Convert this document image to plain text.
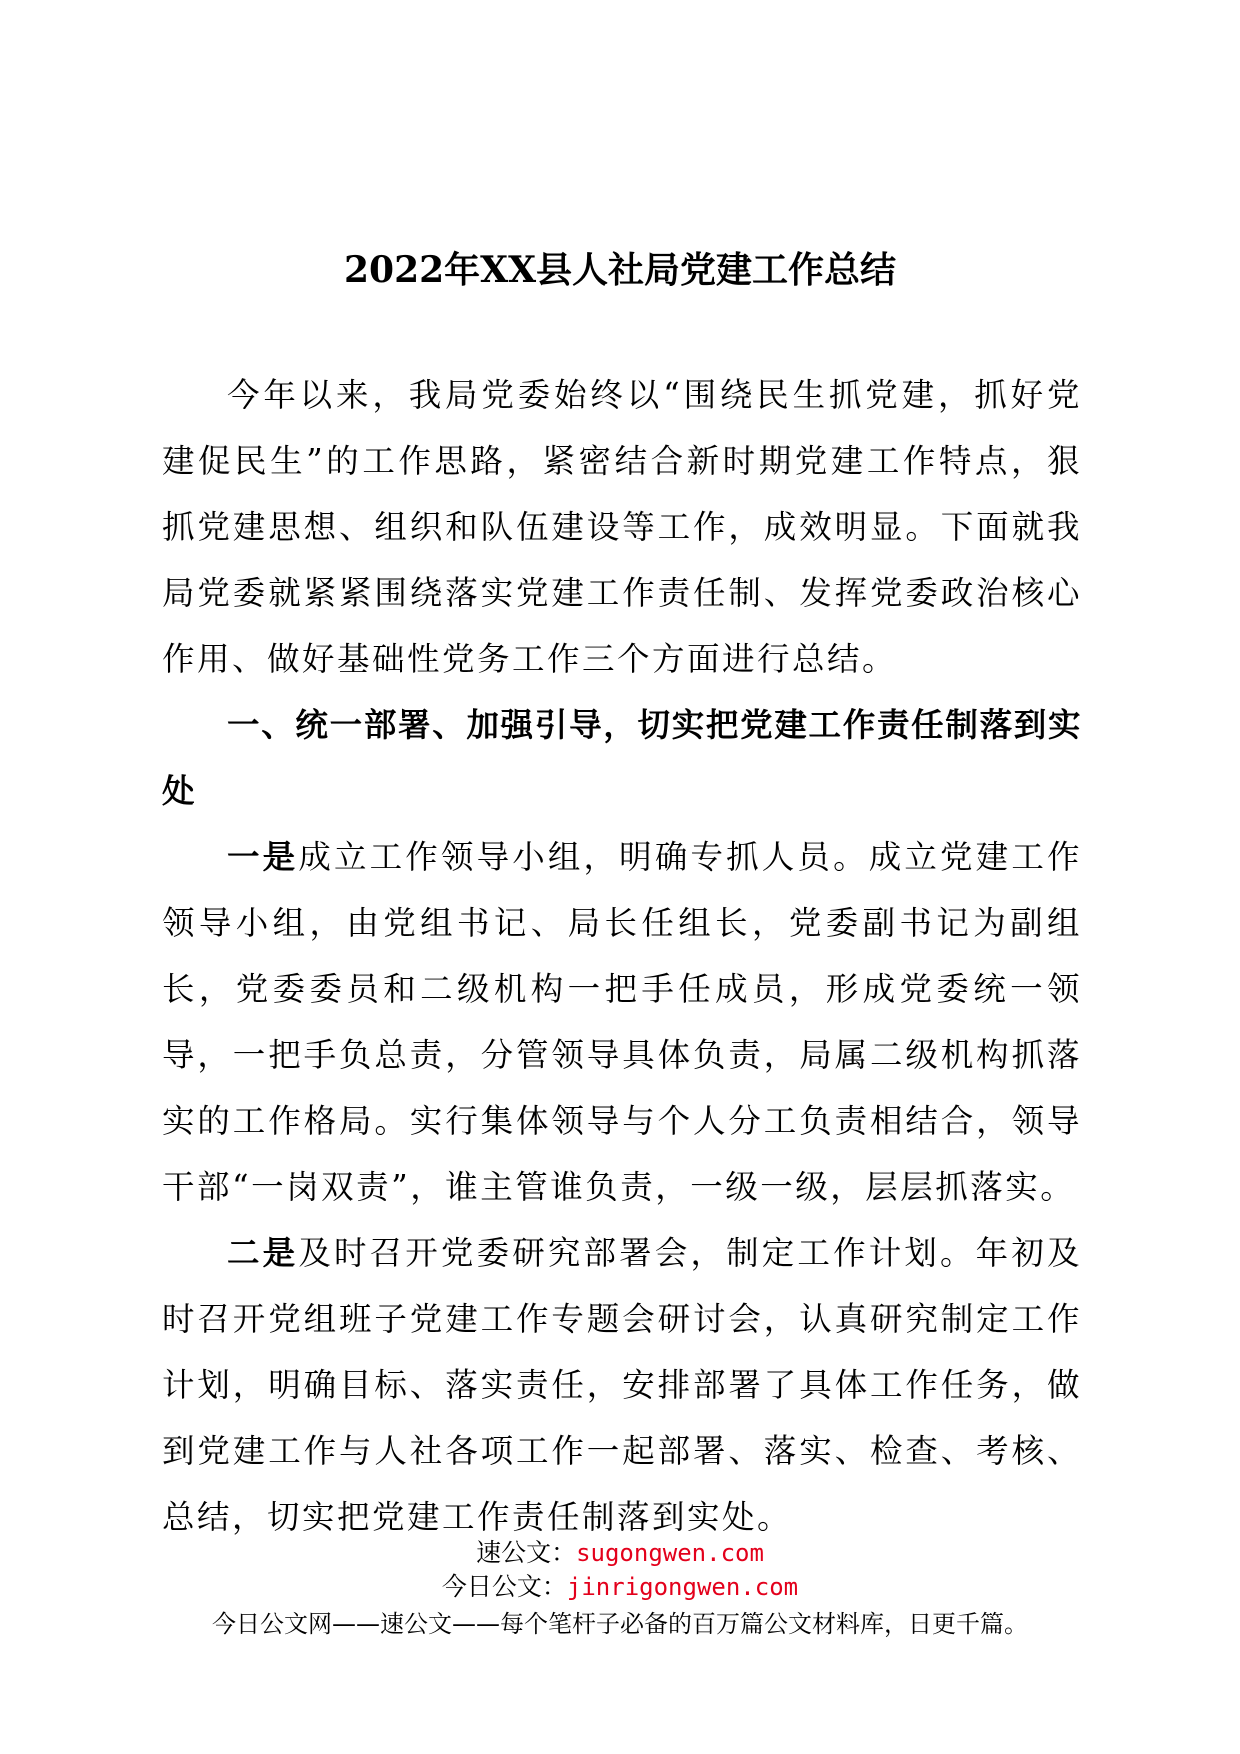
2022年XX县人社局党建工作总结

今年以来，我局党委始终以“围绕民生抓党建，抓好党建促民生”的工作思路，紧密结合新时期党建工作特点，狠抓党建思想、组织和队伍建设等工作，成效明显。下面就我局党委就紧紧围绕落实党建工作责任制、发挥党委政治核心作用、做好基础性党务工作三个方面进行总结。

一、统一部署、加强引导，切实把党建工作责任制落到实处

一是成立工作领导小组，明确专抓人员。成立党建工作领导小组，由党组书记、局长任组长，党委副书记为副组长，党委委员和二级机构一把手任成员，形成党委统一领导，一把手负总责，分管领导具体负责，局属二级机构抓落实的工作格局。实行集体领导与个人分工负责相结合，领导干部“一岗双责”，谁主管谁负责，一级一级，层层抓落实。

二是及时召开党委研究部署会，制定工作计划。年初及时召开党组班子党建工作专题会研讨会，认真研究制定工作计划，明确目标、落实责任，安排部署了具体工作任务，做到党建工作与人社各项工作一起部署、落实、检查、考核、总结，切实把党建工作责任制落到实处。

速公文：sugongwen.com
今日公文：jinrigongwen.com
今日公文网——速公文——每个笔杆子必备的百万篇公文材料库，日更千篇。
